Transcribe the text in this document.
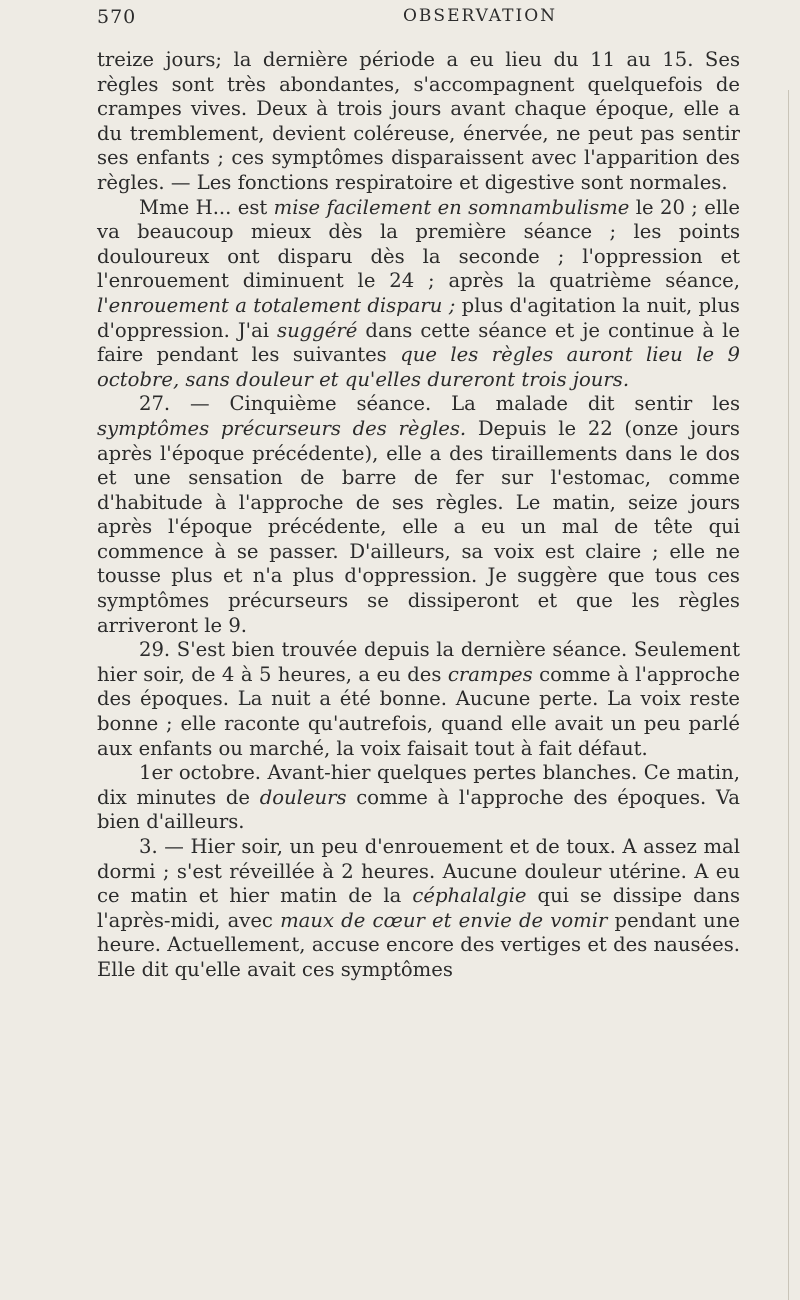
570	OBSERVATION

treize jours; la dernière période a eu lieu du 11 au 15. Ses règles sont très abondantes, s'accompagnent quelquefois de crampes vives. Deux à trois jours avant chaque époque, elle a du tremblement, devient coléreuse, énervée, ne peut pas sentir ses enfants ; ces symptômes disparaissent avec l'apparition des règles. — Les fonctions respiratoire et digestive sont normales.

Mme H... est mise facilement en somnambulisme le 20 ; elle va beaucoup mieux dès la première séance ; les points douloureux ont disparu dès la seconde ; l'oppression et l'enrouement diminuent le 24 ; après la quatrième séance, l'enrouement a totalement disparu ; plus d'agitation la nuit, plus d'oppression. J'ai suggéré dans cette séance et je continue à le faire pendant les suivantes que les règles auront lieu le 9 octobre, sans douleur et qu'elles dureront trois jours.

27. — Cinquième séance. La malade dit sentir les symptômes précurseurs des règles. Depuis le 22 (onze jours après l'époque précédente), elle a des tiraillements dans le dos et une sensation de barre de fer sur l'estomac, comme d'habitude à l'approche de ses règles. Le matin, seize jours après l'époque précédente, elle a eu un mal de tête qui commence à se passer. D'ailleurs, sa voix est claire ; elle ne tousse plus et n'a plus d'oppression. Je suggère que tous ces symptômes précurseurs se dissiperont et que les règles arriveront le 9.

29. S'est bien trouvée depuis la dernière séance. Seulement hier soir, de 4 à 5 heures, a eu des crampes comme à l'approche des époques. La nuit a été bonne. Aucune perte. La voix reste bonne ; elle raconte qu'autrefois, quand elle avait un peu parlé aux enfants ou marché, la voix faisait tout à fait défaut.

1er octobre. Avant-hier quelques pertes blanches. Ce matin, dix minutes de douleurs comme à l'approche des époques. Va bien d'ailleurs.

3. — Hier soir, un peu d'enrouement et de toux. A assez mal dormi ; s'est réveillée à 2 heures. Aucune douleur utérine. A eu ce matin et hier matin de la céphalalgie qui se dissipe dans l'après-midi, avec maux de cœur et envie de vomir pendant une heure. Actuellement, accuse encore des vertiges et des nausées. Elle dit qu'elle avait ces symptômes
